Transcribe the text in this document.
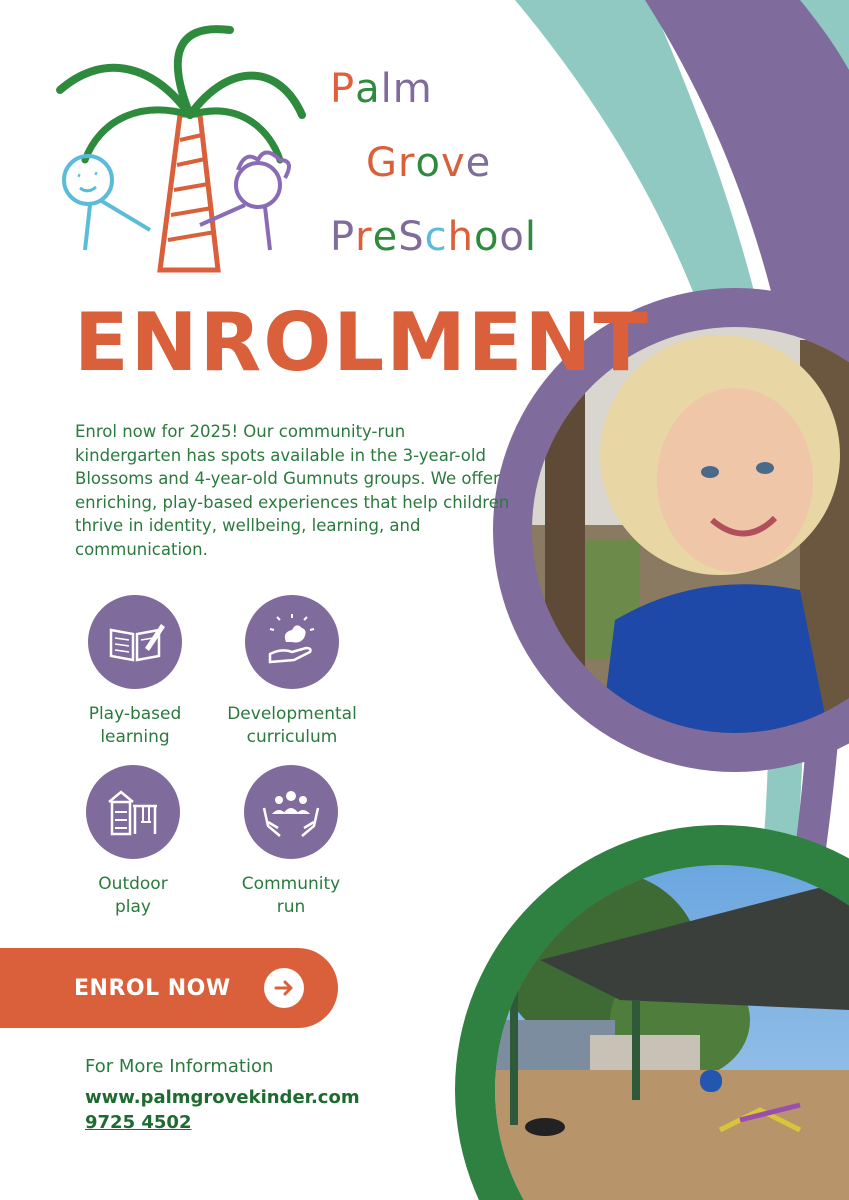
Palm
Grove
PreSchool
ENROLMENT
Enrol now for 2025! Our community-run kindergarten has spots available in the 3-year-old Blossoms and 4-year-old Gumnuts groups. We offer enriching, play-based experiences that help children thrive in identity, wellbeing, learning, and communication.
Play-based
learning
Developmental
curriculum
Outdoor
play
Community
run
ENROL NOW
For More Information
www.palmgrovekinder.com
9725 4502
